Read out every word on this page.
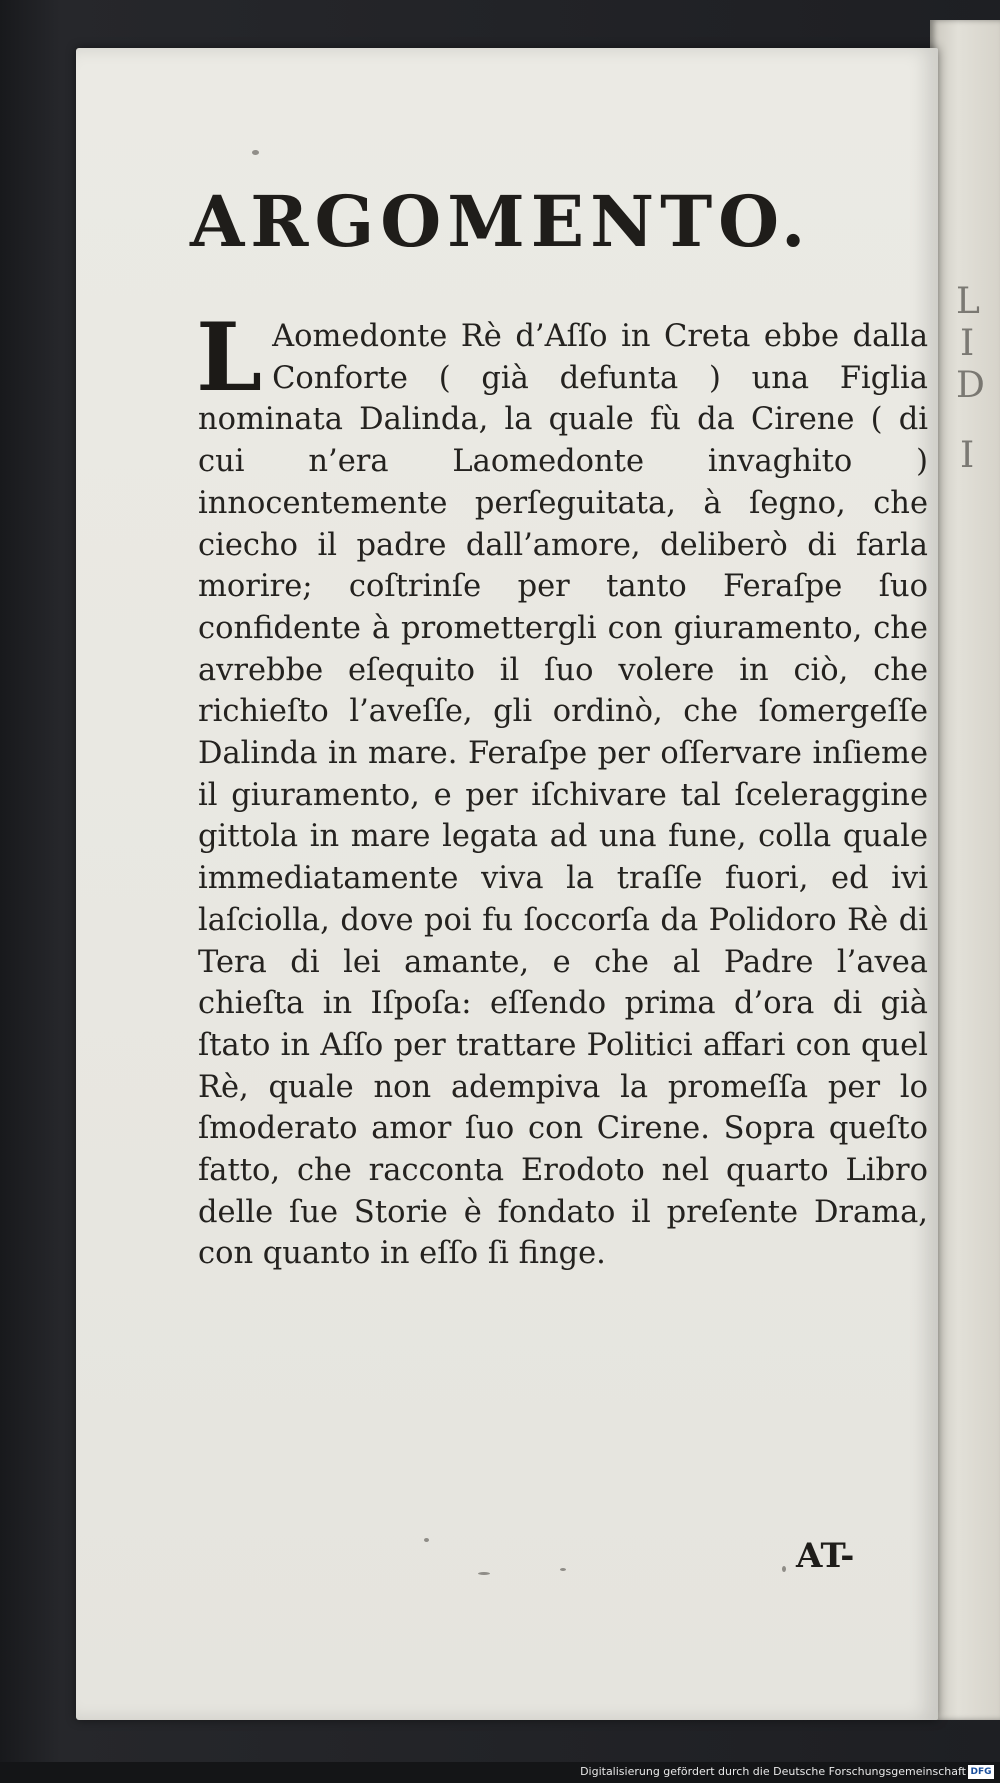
L
I
D
I
ARGOMENTO.

L Aomedonte Rè d’Aſſo in Creta ebbe dalla Conforte ( già defunta ) una Figlia nominata Dalinda, la quale fù da Cirene ( di cui n’era Laomedonte invaghito ) innocentemente perſeguitata, à ſegno, che ciecho il padre dall’amore, deliberò di farla morire; coſtrinſe per tanto Feraſpe ſuo confidente à promettergli con giuramento, che avrebbe eſequito il ſuo volere in ciò, che richieſto l’aveſſe, gli ordinò, che ſomergeſſe Dalinda in mare. Feraſpe per oſſervare inſieme il giuramento, e per iſchivare tal ſceleraggine gittola in mare legata ad una fune, colla quale immediatamente viva la traſſe fuori, ed ivi laſciolla, dove poi fu ſoccorſa da Polidoro Rè di Tera di lei amante, e che al Padre l’avea chieſta in Iſpoſa: eſſendo prima d’ora di già ſtato in Aſſo per trattare Politici affari con quel Rè, quale non adempiva la promeſſa per lo ſmoderato amor ſuo con Cirene. Sopra queſto fatto, che racconta Erodoto nel quarto Libro delle ſue Storie è fondato il preſente Drama, con quanto in eſſo ſi finge.

AT-

Digitalisierung gefördert durch die Deutsche Forschungsgemeinschaft DFG
